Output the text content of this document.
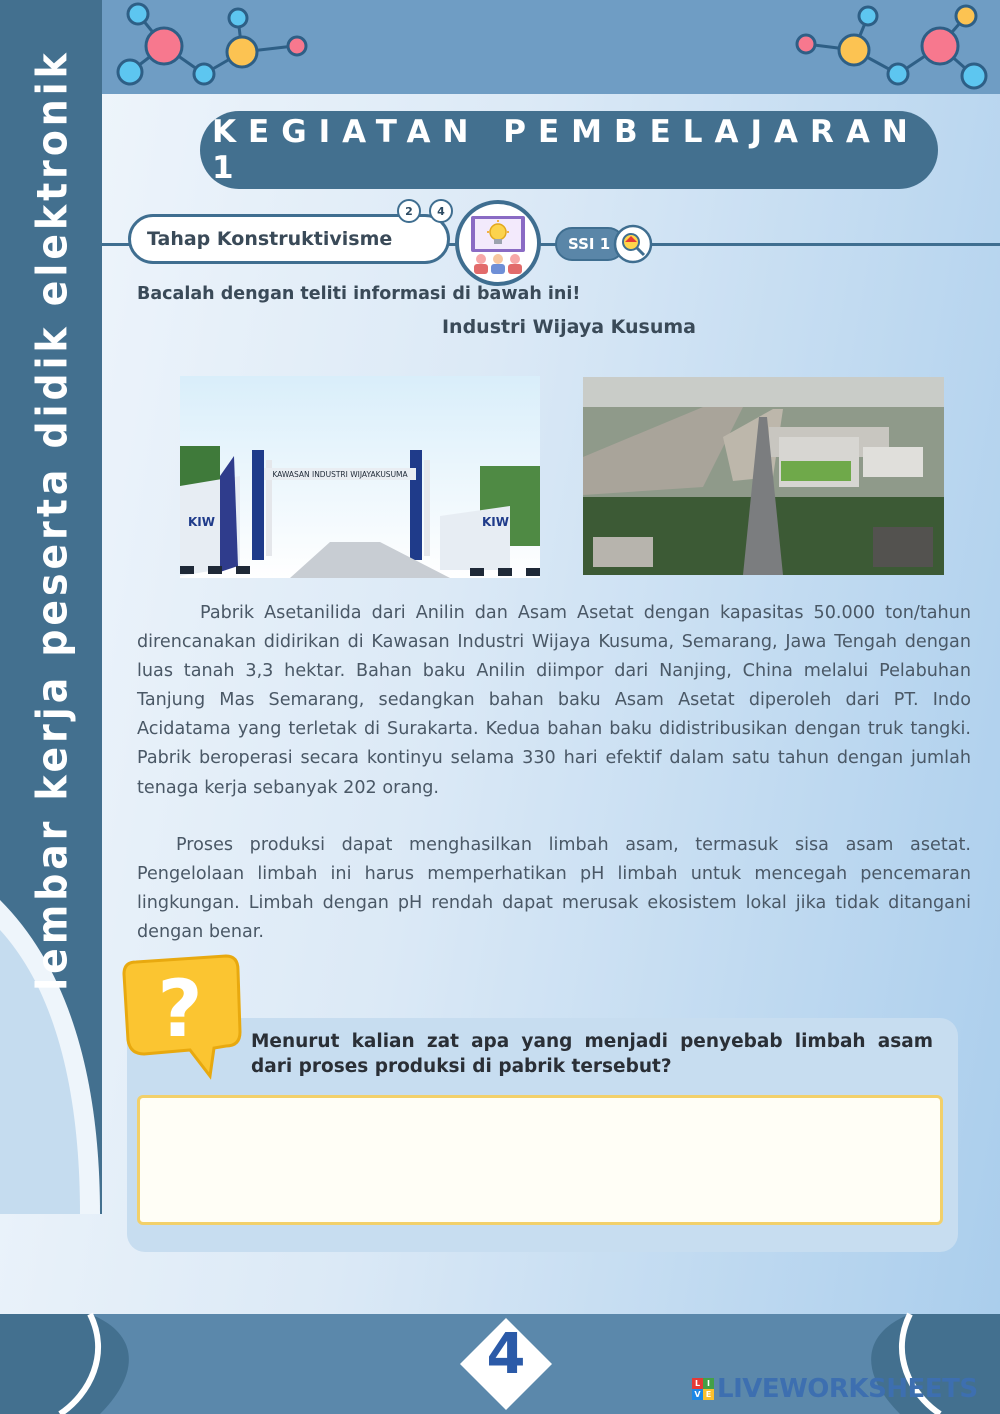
lembar kerja peserta didik elektronik	KEGIATAN PEMBELAJARAN 1
Tahap Konstruktivisme
2	4
SSI 1
Bacalah dengan teliti informasi di bawah ini!
Industri Wijaya Kusuma
KAWASAN INDUSTRI WIJAYAKUSUMA
KIW	KIW

Pabrik Asetanilida dari Anilin dan Asam Asetat dengan kapasitas 50.000 ton/tahun direncanakan didirikan di Kawasan Industri Wijaya Kusuma, Semarang, Jawa Tengah dengan luas tanah 3,3 hektar. Bahan baku Anilin diimpor dari Nanjing, China melalui Pelabuhan Tanjung Mas Semarang, sedangkan bahan baku Asam Asetat diperoleh dari PT. Indo Acidatama yang terletak di Surakarta. Kedua bahan baku didistribusikan dengan truk tangki. Pabrik beroperasi secara kontinyu selama 330 hari efektif dalam satu tahun dengan jumlah tenaga kerja sebanyak 202 orang.

Proses produksi dapat menghasilkan limbah asam, termasuk sisa asam asetat. Pengelolaan limbah ini harus memperhatikan pH limbah untuk mencegah pencemaran lingkungan. Limbah dengan pH rendah dapat merusak ekosistem lokal jika tidak ditangani dengan benar.

?	Menurut kalian zat apa yang menjadi penyebab limbah asam dari proses produksi di pabrik tersebut?
4	L I
V E LIVEWORKSHEETS
